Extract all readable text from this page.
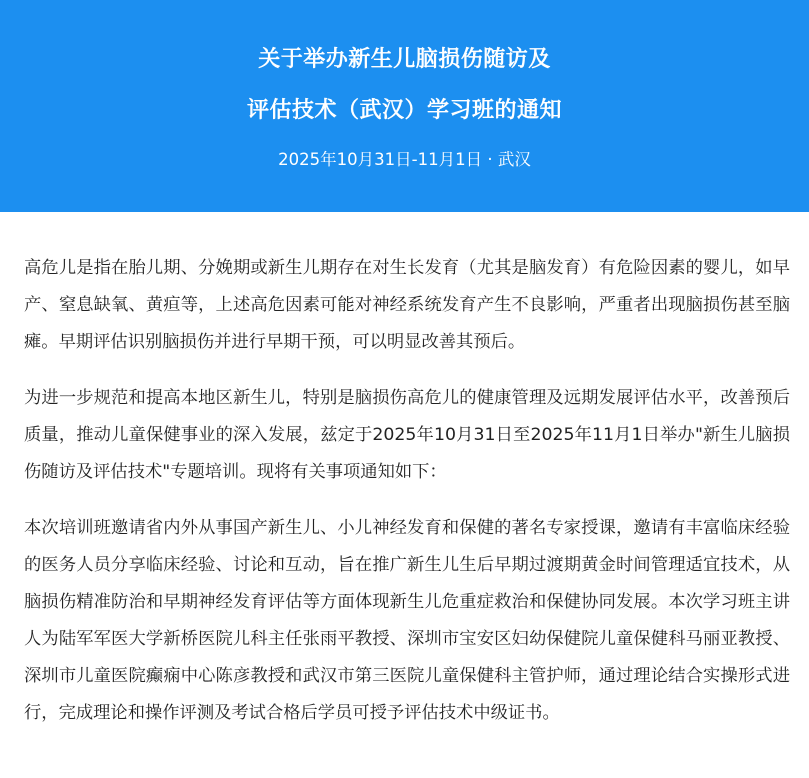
关于举办新生儿脑损伤随访及
评估技术（武汉）学习班的通知
2025年10月31日-11月1日 · 武汉

高危儿是指在胎儿期、分娩期或新生儿期存在对生长发育（尤其是脑发育）有危险因素的婴儿，如早产、窒息缺氧、黄疸等，上述高危因素可能对神经系统发育产生不良影响，严重者出现脑损伤甚至脑瘫。早期评估识别脑损伤并进行早期干预，可以明显改善其预后。

为进一步规范和提高本地区新生儿，特别是脑损伤高危儿的健康管理及远期发展评估水平，改善预后质量，推动儿童保健事业的深入发展，兹定于2025年10月31日至2025年11月1日举办"新生儿脑损伤随访及评估技术"专题培训。现将有关事项通知如下：

本次培训班邀请省内外从事国产新生儿、小儿神经发育和保健的著名专家授课，邀请有丰富临床经验的医务人员分享临床经验、讨论和互动，旨在推广新生儿生后早期过渡期黄金时间管理适宜技术，从脑损伤精准防治和早期神经发育评估等方面体现新生儿危重症救治和保健协同发展。本次学习班主讲人为陆军军医大学新桥医院儿科主任张雨平教授、深圳市宝安区妇幼保健院儿童保健科马丽亚教授、深圳市儿童医院癫痫中心陈彦教授和武汉市第三医院儿童保健科主管护师，通过理论结合实操形式进行，完成理论和操作评测及考试合格后学员可授予评估技术中级证书。
